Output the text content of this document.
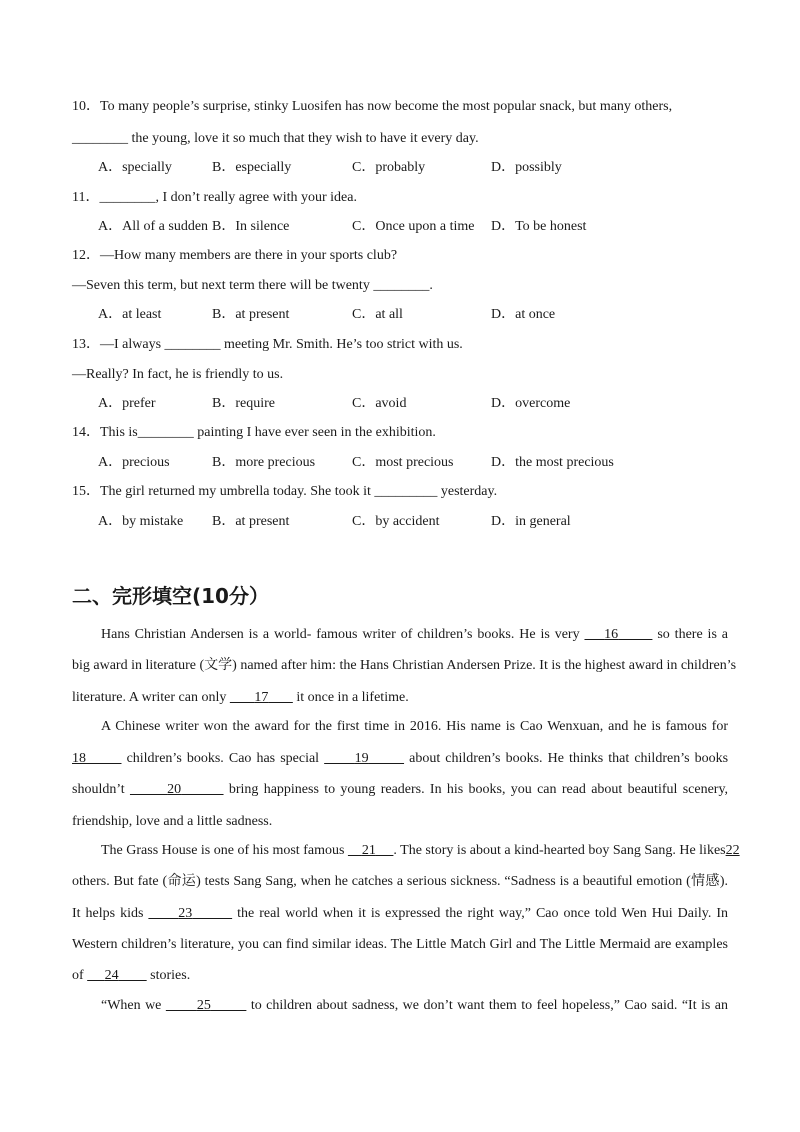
10．To many people’s surprise, stinky Luosifen has now become the most popular snack, but many others,
________ the young, love it so much that they wish to have it every day.
A．specially	B．especially	C．probably	D．possibly
11．________, I don’t really agree with your idea.
A．All of a sudden B．In silence	C．Once upon a time D．To be honest
12．—How many members are there in your sports club?
—Seven this term, but next term there will be twenty ________.
A．at least	B．at present	C．at all	D．at once
13．—I always ________ meeting Mr. Smith. He’s too strict with us.
—Really? In fact, he is friendly to us.
A．prefer	B．require	C．avoid	D．overcome
14．This is________ painting I have ever seen in the exhibition.
A．precious	B．more precious	C．most precious	D．the most precious
15．The girl returned my umbrella today. She took it _________ yesterday.
A．by mistake B．at present	C．by accident	D．in general
二、完形填空(10分）
Hans Christian Andersen is a world- famous writer of children’s books. He is very 16	so there is a
big award in literature (文学) named after him: the Hans Christian Andersen Prize. It is the highest award in children’s
literature. A writer can only 17 it once in a lifetime.
A Chinese writer won the award for the first time in 2016. His name is Cao Wenxuan, and he is famous for
18	children’s books. Cao has special	19	about children’s books. He thinks that children’s books
shouldn’t	20	bring happiness to young readers. In his books, you can read about beautiful scenery,
friendship, love and a little sadness.
The Grass House is one of his most famous 21 . The story is about a kind-hearted boy Sang Sang. He likes22
others. But fate (命运) tests Sang Sang, when he catches a serious sickness. “Sadness is a beautiful emotion (情感).
It helps kids 23	the real world when it is expressed the right way,” Cao once told Wen Hui Daily. In
Western children’s literature, you can find similar ideas. The Little Match Girl and The Little Mermaid are examples
of 24 stories.
“When we	25	to children about sadness, we don’t want them to feel hopeless,” Cao said. “It is an
